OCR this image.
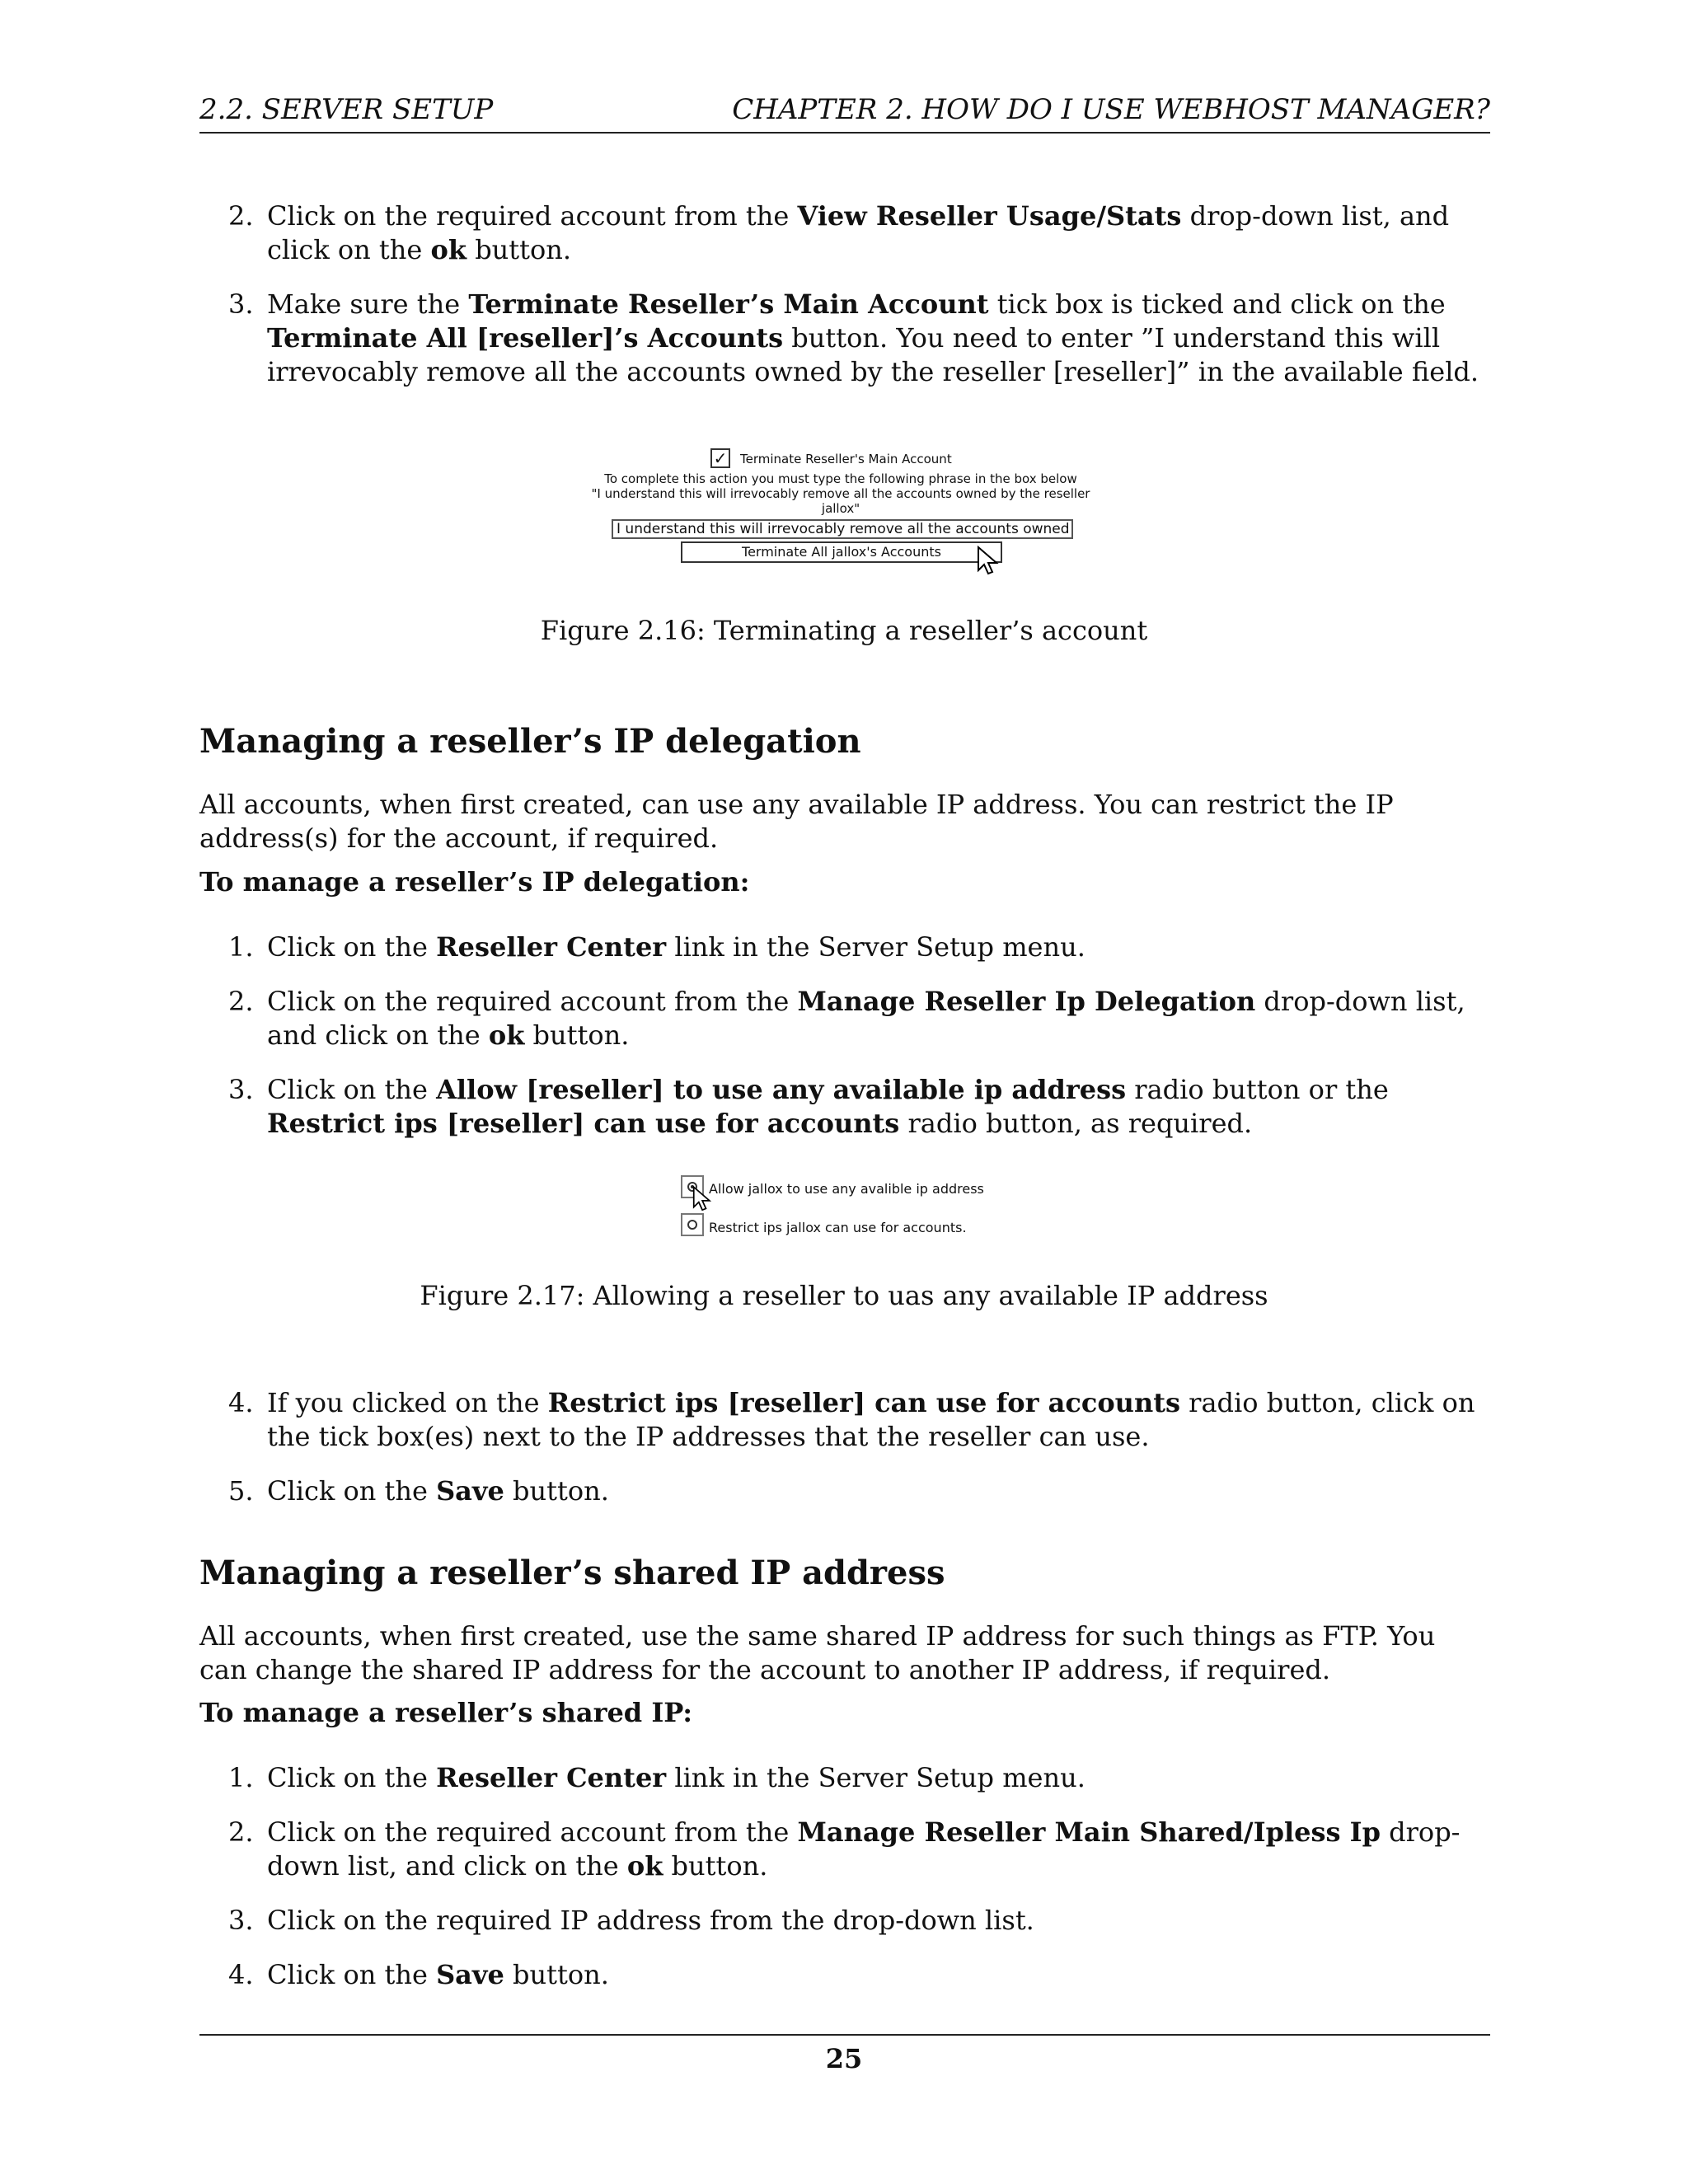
2.2. SERVER SETUP	CHAPTER 2. HOW DO I USE WEBHOST MANAGER?
2. Click on the required account from the View Reseller Usage/Stats drop-down list, and click on the ok button.
3. Make sure the Terminate Reseller’s Main Account tick box is ticked and click on the Terminate All [reseller]’s Accounts button. You need to enter ”I understand this will irrevocably remove all the accounts owned by the reseller [reseller]” in the available field.
✓ Terminate Reseller's Main Account
To complete this action you must type the following phrase in the box below
"I understand this will irrevocably remove all the accounts owned by the reseller
jallox"
I understand this will irrevocably remove all the accounts owned
Terminate All jallox's Accounts
Figure 2.16: Terminating a reseller’s account
Managing a reseller’s IP delegation
All accounts, when first created, can use any available IP address. You can restrict the IP address(s) for the account, if required.
To manage a reseller’s IP delegation:
1. Click on the Reseller Center link in the Server Setup menu.
2. Click on the required account from the Manage Reseller Ip Delegation drop-down list, and click on the ok button.
3. Click on the Allow [reseller] to use any available ip address radio button or the Restrict ips [reseller] can use for accounts radio button, as required.
Allow jallox to use any avalible ip address
Restrict ips jallox can use for accounts.
Figure 2.17: Allowing a reseller to uas any available IP address
4. If you clicked on the Restrict ips [reseller] can use for accounts radio button, click on the tick box(es) next to the IP addresses that the reseller can use.
5. Click on the Save button.
Managing a reseller’s shared IP address
All accounts, when first created, use the same shared IP address for such things as FTP. You can change the shared IP address for the account to another IP address, if required.
To manage a reseller’s shared IP:
1. Click on the Reseller Center link in the Server Setup menu.
2. Click on the required account from the Manage Reseller Main Shared/Ipless Ip drop-down list, and click on the ok button.
3. Click on the required IP address from the drop-down list.
4. Click on the Save button.
25
